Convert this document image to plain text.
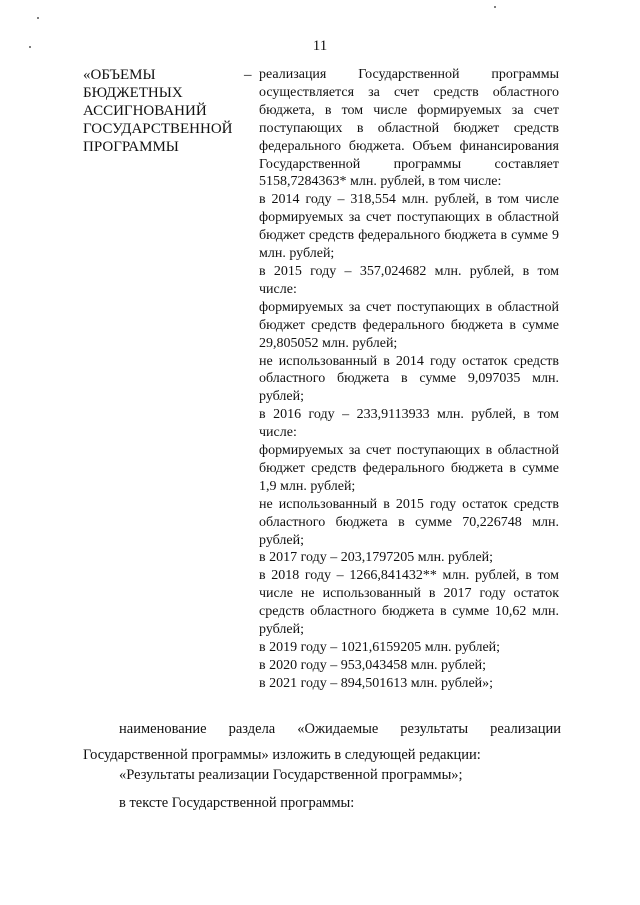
11
«ОБЪЕМЫ
БЮДЖЕТНЫХ
АССИГНОВАНИЙ
ГОСУДАРСТВЕННОЙ
ПРОГРАММЫ
– реализация Государственной программы осуществляется за счет средств областного бюджета, в том числе формируемых за счет поступающих в областной бюджет средств федерального бюджета. Объем финансирования Государственной программы составляет 5158,7284363* млн. рублей, в том числе:

в 2014 году – 318,554 млн. рублей, в том числе формируемых за счет поступающих в областной бюджет средств федерального бюджета в сумме 9 млн. рублей;

в 2015 году – 357,024682 млн. рублей, в том числе:

формируемых за счет поступающих в областной бюджет средств федерального бюджета в сумме 29,805052 млн. рублей;

не использованный в 2014 году остаток средств областного бюджета в сумме 9,097035 млн. рублей;

в 2016 году – 233,9113933 млн. рублей, в том числе:

формируемых за счет поступающих в областной бюджет средств федерального бюджета в сумме 1,9 млн. рублей;

не использованный в 2015 году остаток средств областного бюджета в сумме 70,226748 млн. рублей;

в 2017 году – 203,1797205 млн. рублей;

в 2018 году – 1266,841432** млн. рублей, в том числе не использованный в 2017 году остаток средств областного бюджета в сумме 10,62 млн. рублей;

в 2019 году – 1021,6159205 млн. рублей;

в 2020 году – 953,043458 млн. рублей;

в 2021 году – 894,501613 млн. рублей»;

наименование раздела «Ожидаемые результаты реализации Государственной программы» изложить в следующей редакции:

«Результаты реализации Государственной программы»;

в тексте Государственной программы:
